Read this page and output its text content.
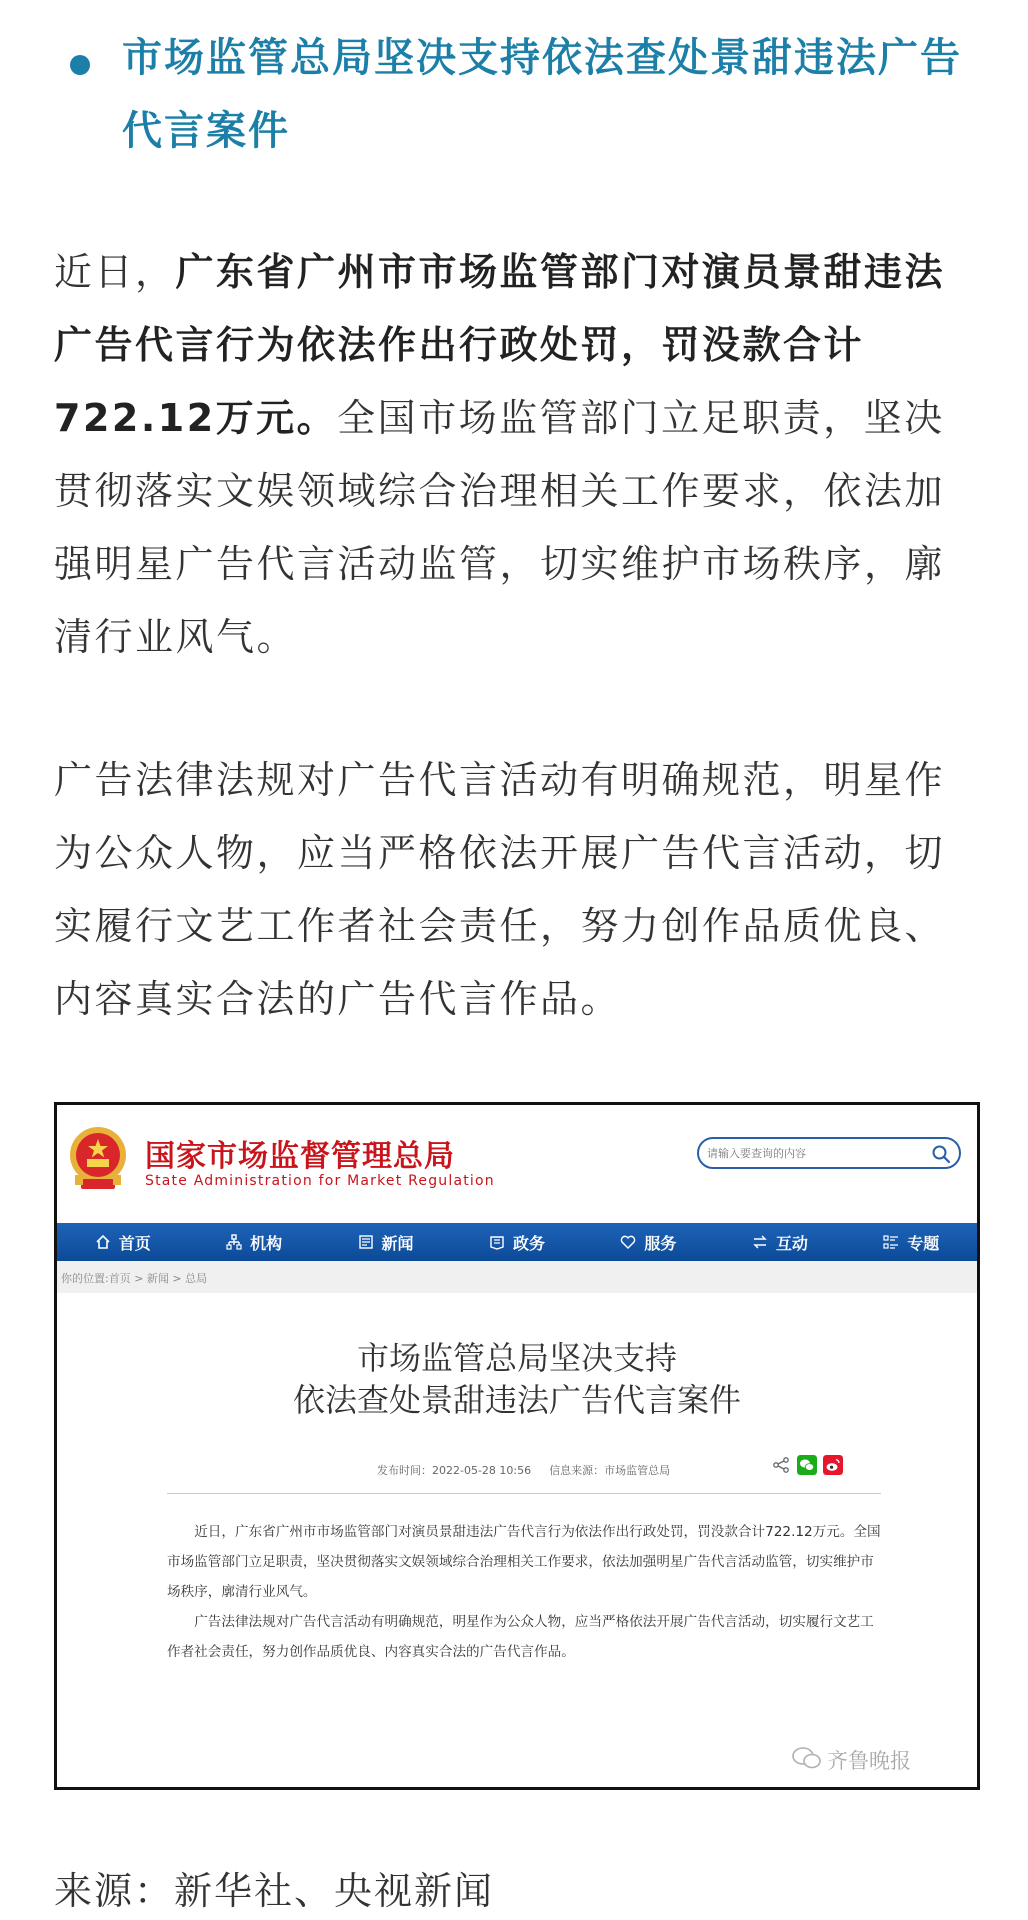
市场监管总局坚决支持依法查处景甜违法广告代言案件
近日，广东省广州市市场监管部门对演员景甜违法广告代言行为依法作出行政处罚，罚没款合计722.12万元。全国市场监管部门立足职责，坚决贯彻落实文娱领域综合治理相关工作要求，依法加强明星广告代言活动监管，切实维护市场秩序，廓清行业风气。
广告法律法规对广告代言活动有明确规范，明星作为公众人物，应当严格依法开展广告代言活动，切实履行文艺工作者社会责任，努力创作品质优良、内容真实合法的广告代言作品。
国家市场监督管理总局
State Administration for Market Regulation
请输入要查询的内容
首页	机构	新闻	政务	服务	互动	专题
你的位置:首页 > 新闻 > 总局
市场监管总局坚决支持
依法查处景甜违法广告代言案件
发布时间：2022-05-28 10:56 信息来源：市场监管总局

近日，广东省广州市市场监管部门对演员景甜违法广告代言行为依法作出行政处罚，罚没款合计722.12万元。全国市场监管部门立足职责，坚决贯彻落实文娱领域综合治理相关工作要求，依法加强明星广告代言活动监管，切实维护市场秩序，廓清行业风气。

广告法律法规对广告代言活动有明确规范，明星作为公众人物，应当严格依法开展广告代言活动，切实履行文艺工作者社会责任，努力创作品质优良、内容真实合法的广告代言作品。

齐鲁晚报
来源：新华社、央视新闻
